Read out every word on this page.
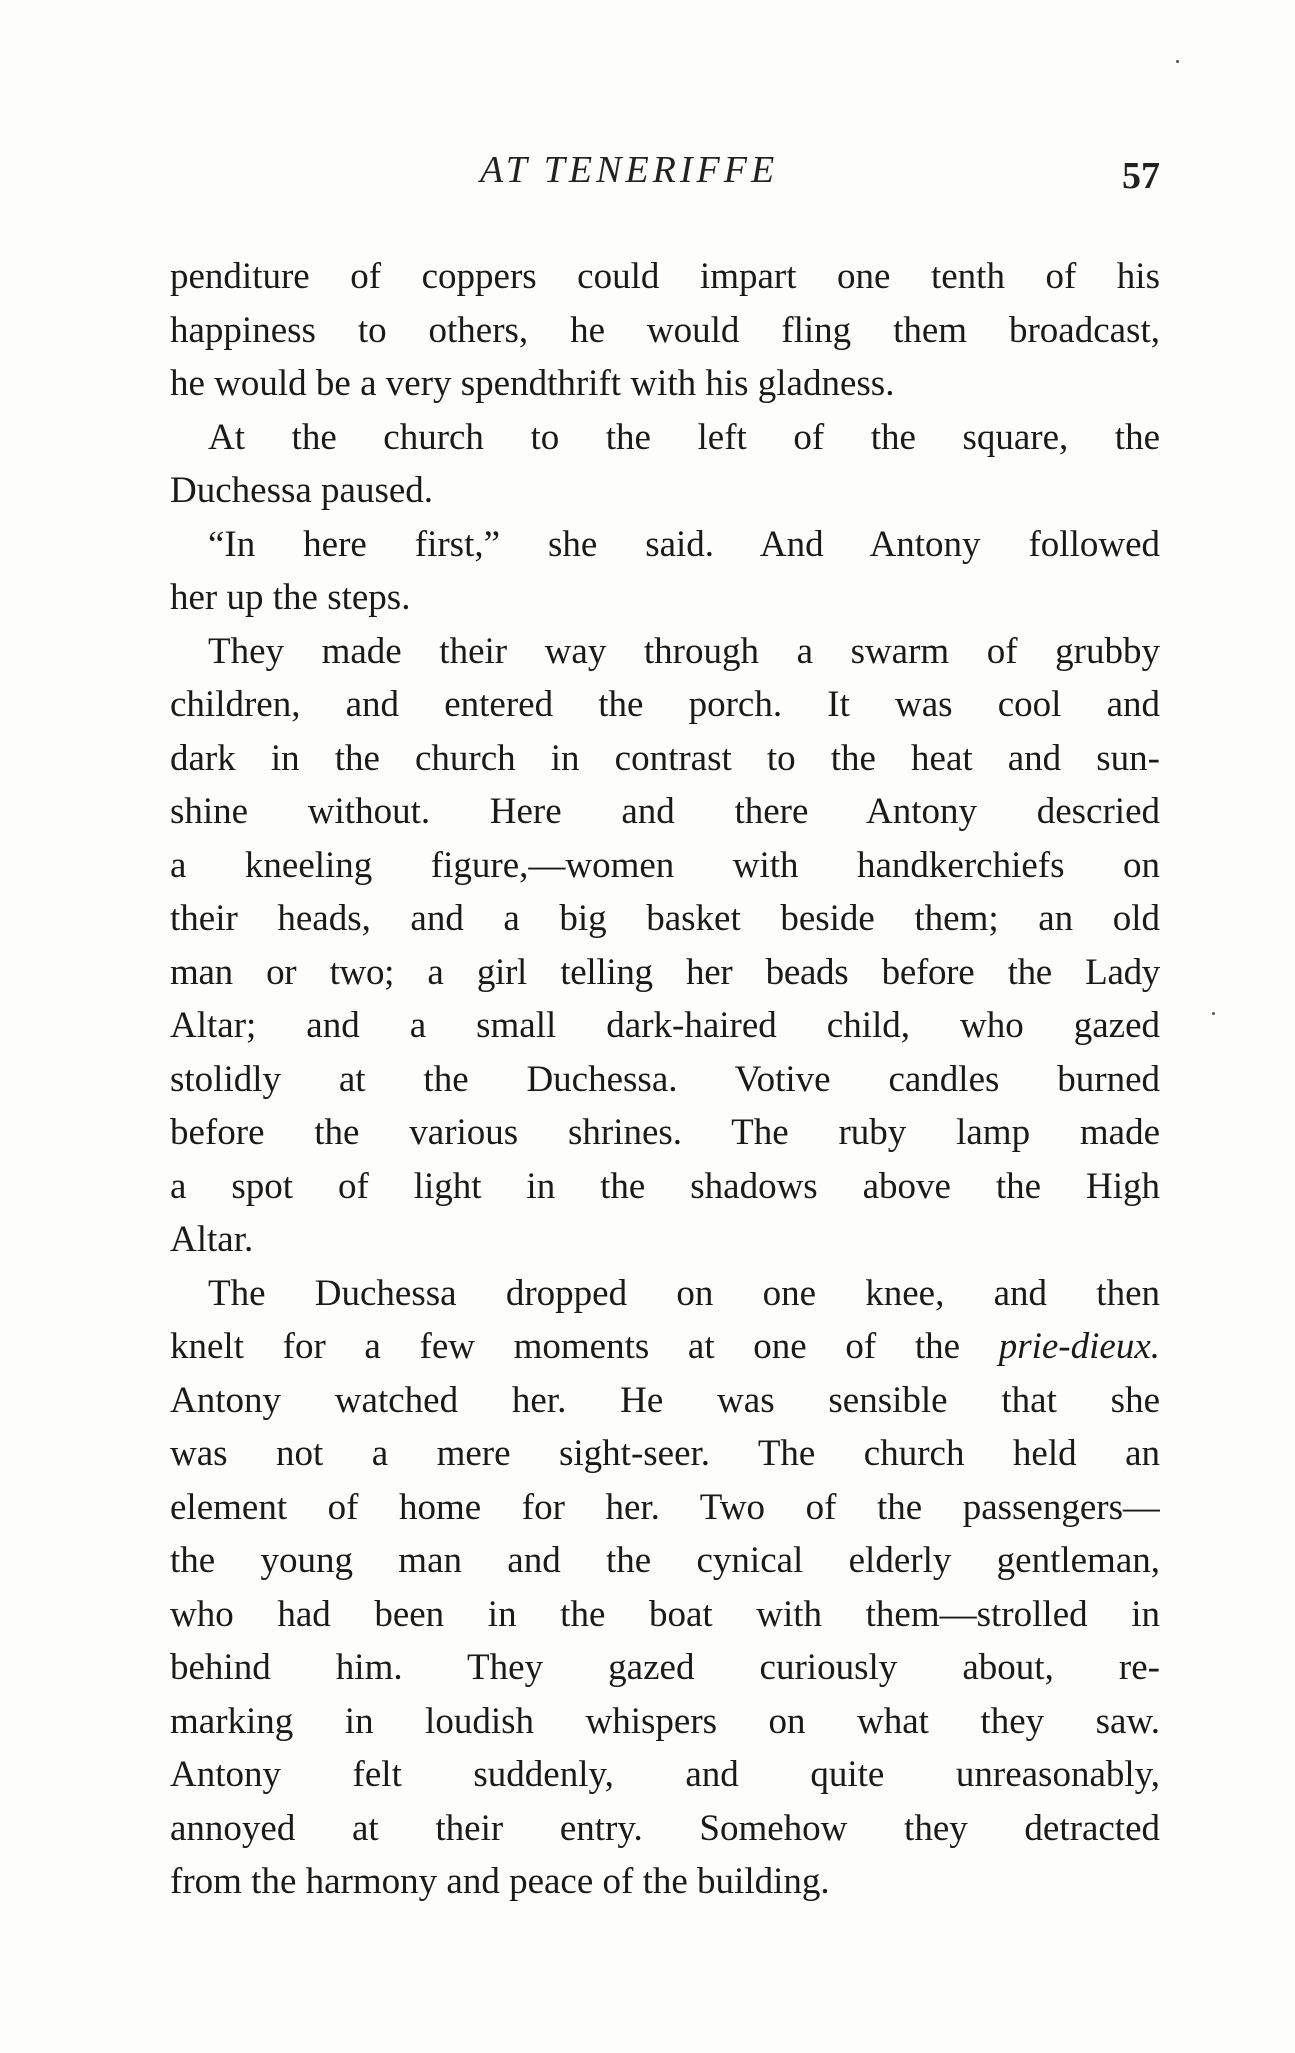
AT TENERIFFE	57
penditure of coppers could impart one tenth of his
happiness to others, he would fling them broadcast,
he would be a very spendthrift with his gladness.
At the church to the left of the square, the
Duchessa paused.
“In here first,” she said. And Antony followed
her up the steps.
They made their way through a swarm of grubby
children, and entered the porch. It was cool and
dark in the church in contrast to the heat and sun-
shine without. Here and there Antony descried
a kneeling figure,—women with handkerchiefs on
their heads, and a big basket beside them; an old
man or two; a girl telling her beads before the Lady
Altar; and a small dark-haired child, who gazed
stolidly at the Duchessa. Votive candles burned
before the various shrines. The ruby lamp made
a spot of light in the shadows above the High
Altar.
The Duchessa dropped on one knee, and then
knelt for a few moments at one of the prie-dieux.
Antony watched her. He was sensible that she
was not a mere sight-seer. The church held an
element of home for her. Two of the passengers—
the young man and the cynical elderly gentleman,
who had been in the boat with them—strolled in
behind him. They gazed curiously about, re-
marking in loudish whispers on what they saw.
Antony felt suddenly, and quite unreasonably,
annoyed at their entry. Somehow they detracted
from the harmony and peace of the building.
